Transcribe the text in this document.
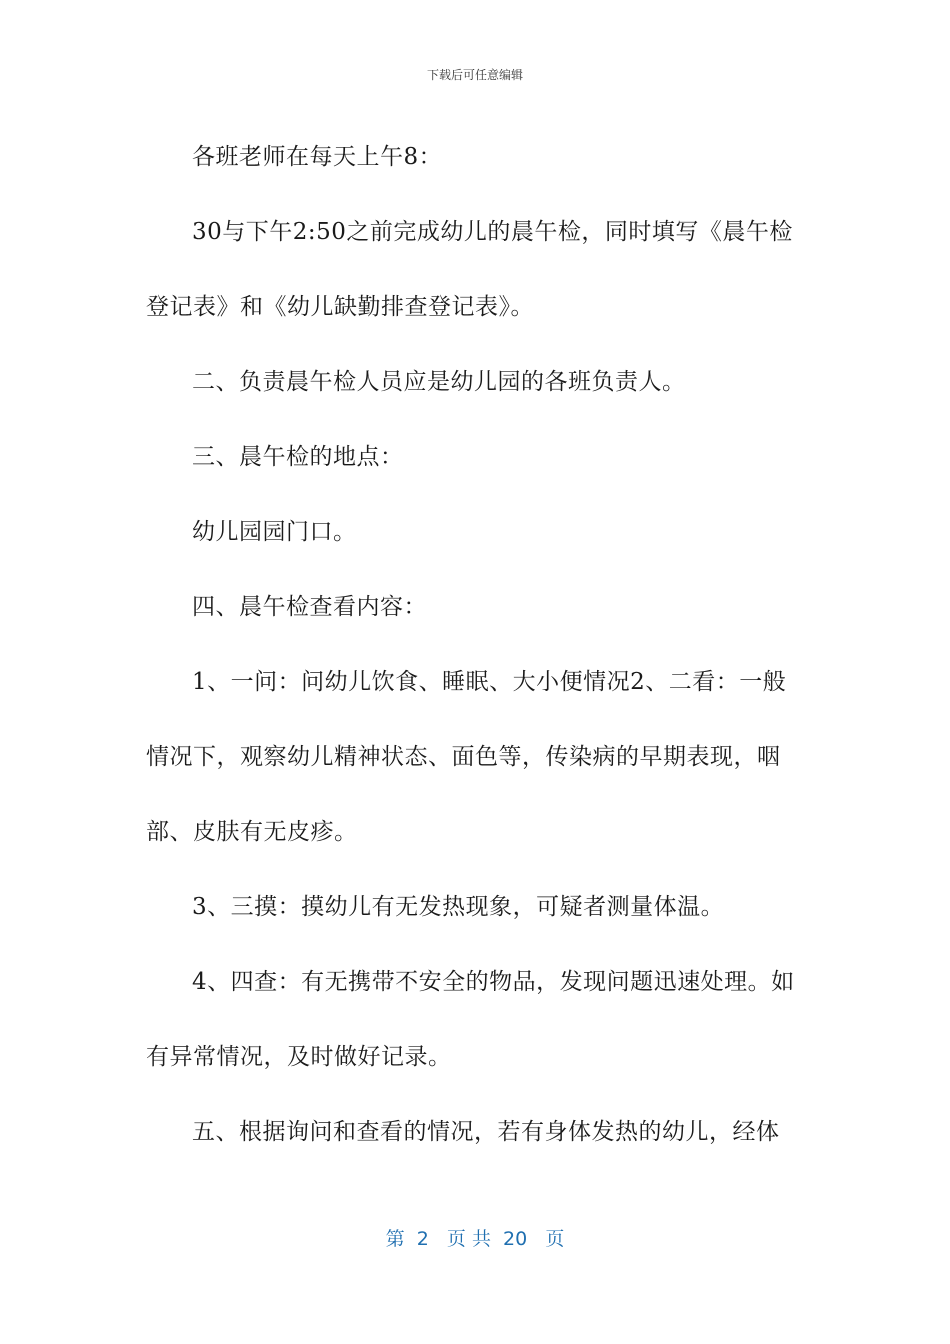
下载后可任意编辑

各班老师在每天上午8：

30与下午2:50之前完成幼儿的晨午检，同时填写《晨午检

登记表》和《幼儿缺勤排查登记表》。

二、负责晨午检人员应是幼儿园的各班负责人。

三、晨午检的地点：

幼儿园园门口。

四、晨午检查看内容：

1、一问：问幼儿饮食、睡眠、大小便情况2、二看：一般

情况下，观察幼儿精神状态、面色等，传染病的早期表现，咽

部、皮肤有无皮疹。

3、三摸：摸幼儿有无发热现象，可疑者测量体温。

4、四查：有无携带不安全的物品，发现问题迅速处理。如

有异常情况，及时做好记录。

五、根据询问和查看的情况，若有身体发热的幼儿，经体

第  2   页 共  20   页
